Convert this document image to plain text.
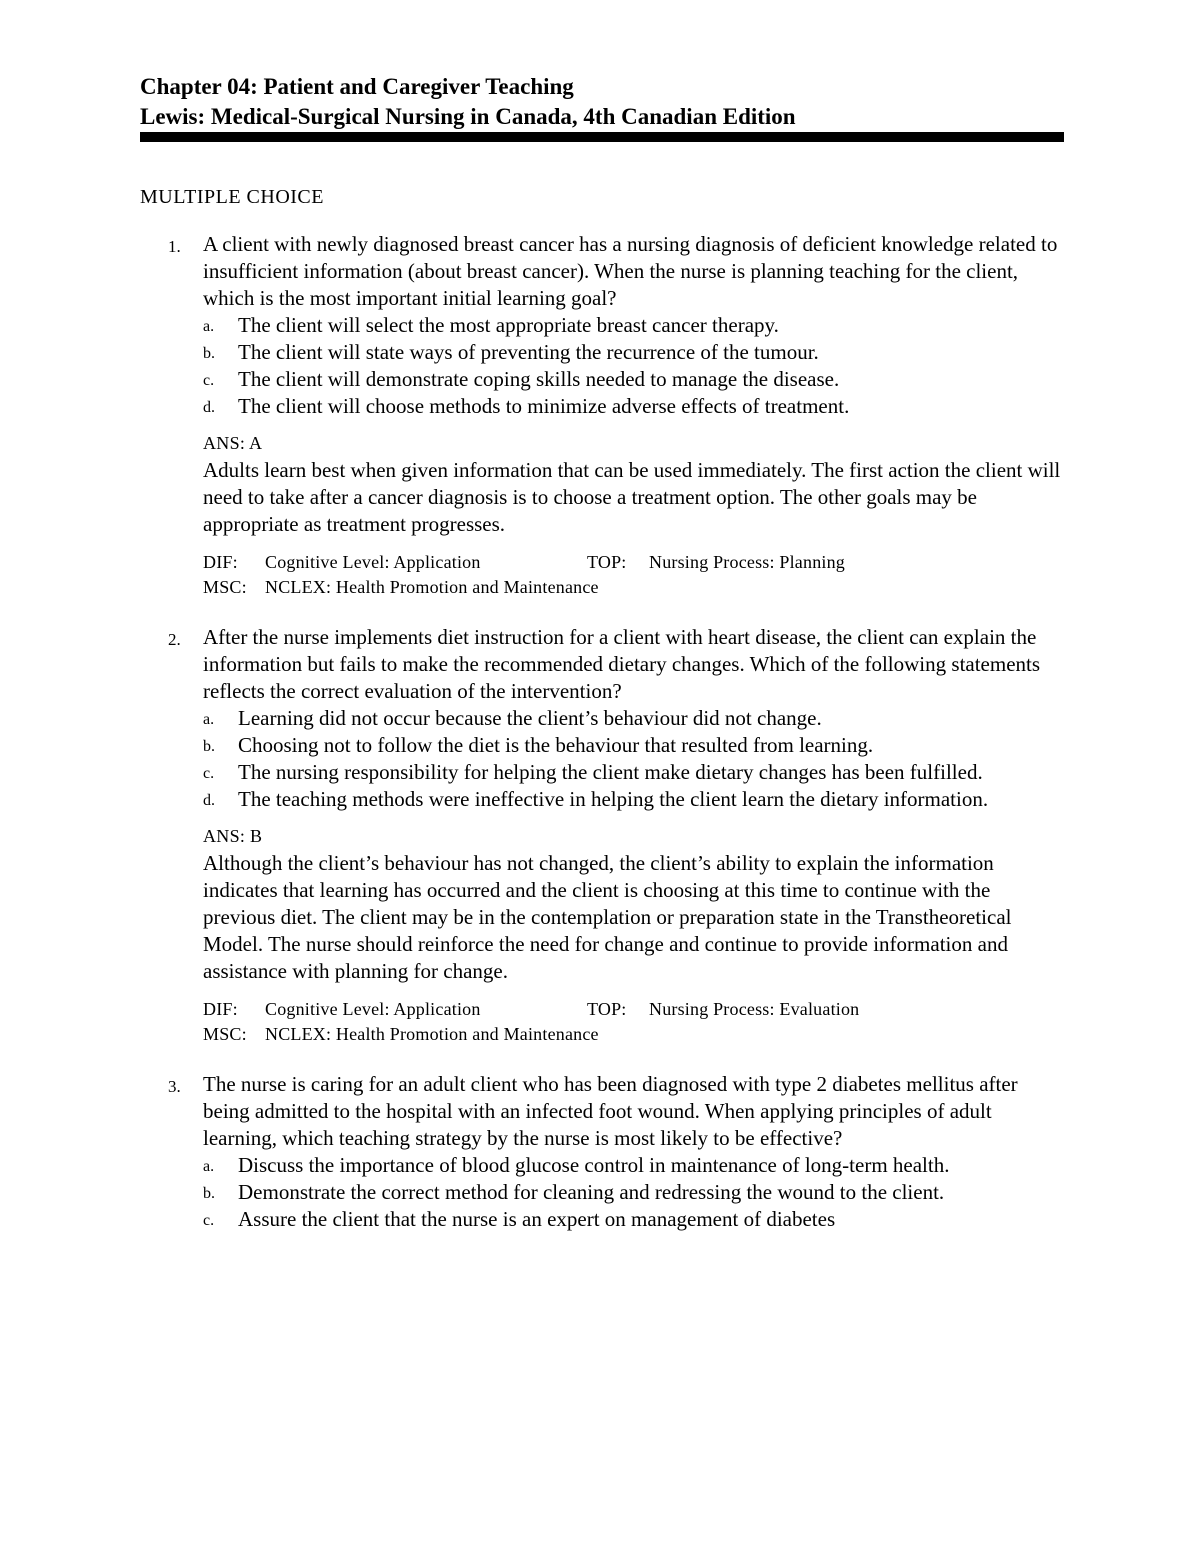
Chapter 04: Patient and Caregiver Teaching
Lewis: Medical-Surgical Nursing in Canada, 4th Canadian Edition
MULTIPLE CHOICE
1. A client with newly diagnosed breast cancer has a nursing diagnosis of deficient knowledge related to insufficient information (about breast cancer). When the nurse is planning teaching for the client, which is the most important initial learning goal?

a. The client will select the most appropriate breast cancer therapy.
b. The client will state ways of preventing the recurrence of the tumour.
c. The client will demonstrate coping skills needed to manage the disease.
d. The client will choose methods to minimize adverse effects of treatment.
ANS: A
Adults learn best when given information that can be used immediately. The first action the client will need to take after a cancer diagnosis is to choose a treatment option. The other goals may be appropriate as treatment progresses.
DIF: Cognitive Level: Application	TOP: Nursing Process: Planning
MSC: NCLEX: Health Promotion and Maintenance
2. After the nurse implements diet instruction for a client with heart disease, the client can explain the information but fails to make the recommended dietary changes. Which of the following statements reflects the correct evaluation of the intervention?

a. Learning did not occur because the client’s behaviour did not change.
b. Choosing not to follow the diet is the behaviour that resulted from learning.
c. The nursing responsibility for helping the client make dietary changes has been fulfilled.
d. The teaching methods were ineffective in helping the client learn the dietary information.
ANS: B
Although the client’s behaviour has not changed, the client’s ability to explain the information indicates that learning has occurred and the client is choosing at this time to continue with the previous diet. The client may be in the contemplation or preparation state in the Transtheoretical Model. The nurse should reinforce the need for change and continue to provide information and assistance with planning for change.
DIF: Cognitive Level: Application	TOP: Nursing Process: Evaluation
MSC: NCLEX: Health Promotion and Maintenance
3. The nurse is caring for an adult client who has been diagnosed with type 2 diabetes mellitus after being admitted to the hospital with an infected foot wound. When applying principles of adult learning, which teaching strategy by the nurse is most likely to be effective?

a. Discuss the importance of blood glucose control in maintenance of long-term health.
b. Demonstrate the correct method for cleaning and redressing the wound to the client.
c. Assure the client that the nurse is an expert on management of diabetes
